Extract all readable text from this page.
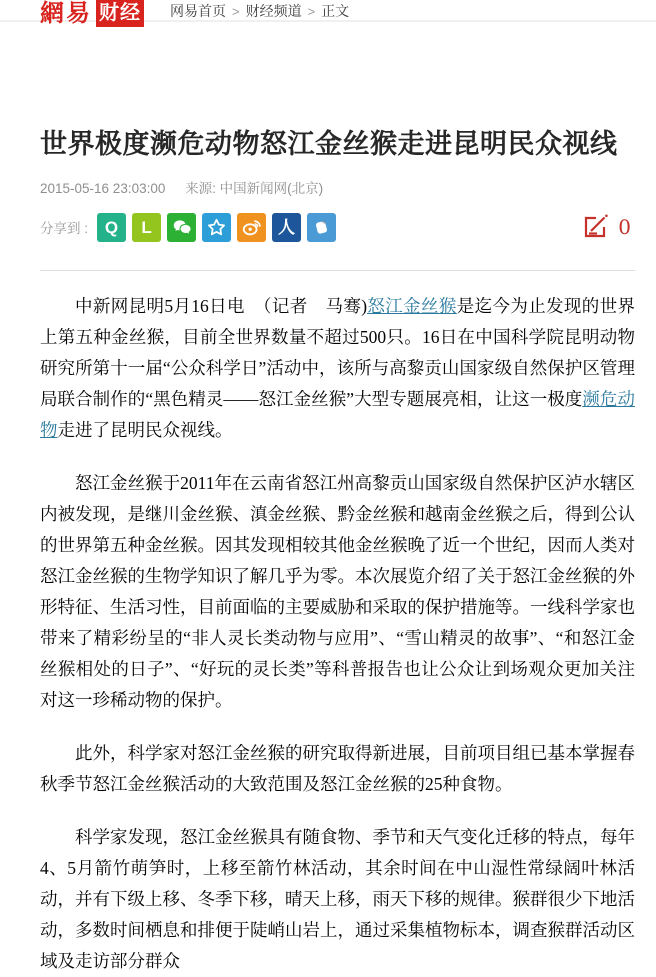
網易 财经 网易首页 > 财经频道 > 正文
世界极度濒危动物怒江金丝猴走进昆明民众视线
2015-05-16 23:03:00 来源: 中国新闻网(北京)
分享到 : Q L	人	0

中新网昆明5月16日电　（记者　马骞)怒江金丝猴是迄今为止发现的世界上第五种金丝猴，目前全世界数量不超过500只。16日在中国科学院昆明动物研究所第十一届“公众科学日”活动中，该所与高黎贡山国家级自然保护区管理局联合制作的“黑色精灵——怒江金丝猴”大型专题展亮相，让这一极度濒危动物走进了昆明民众视线。

怒江金丝猴于2011年在云南省怒江州高黎贡山国家级自然保护区泸水辖区内被发现，是继川金丝猴、滇金丝猴、黔金丝猴和越南金丝猴之后，得到公认的世界第五种金丝猴。因其发现相较其他金丝猴晚了近一个世纪，因而人类对怒江金丝猴的生物学知识了解几乎为零。本次展览介绍了关于怒江金丝猴的外形特征、生活习性，目前面临的主要威胁和采取的保护措施等。一线科学家也带来了精彩纷呈的“非人灵长类动物与应用”、“雪山精灵的故事”、“和怒江金丝猴相处的日子”、“好玩的灵长类”等科普报告也让公众让到场观众更加关注对这一珍稀动物的保护。

此外，科学家对怒江金丝猴的研究取得新进展，目前项目组已基本掌握春秋季节怒江金丝猴活动的大致范围及怒江金丝猴的25种食物。

科学家发现，怒江金丝猴具有随食物、季节和天气变化迁移的特点，每年4、5月箭竹萌笋时，上移至箭竹林活动，其余时间在中山湿性常绿阔叶林活动，并有下级上移、冬季下移，晴天上移，雨天下移的规律。猴群很少下地活动，多数时间栖息和排便于陡峭山岩上，通过采集植物标本，调查猴群活动区域及走访部分群众
